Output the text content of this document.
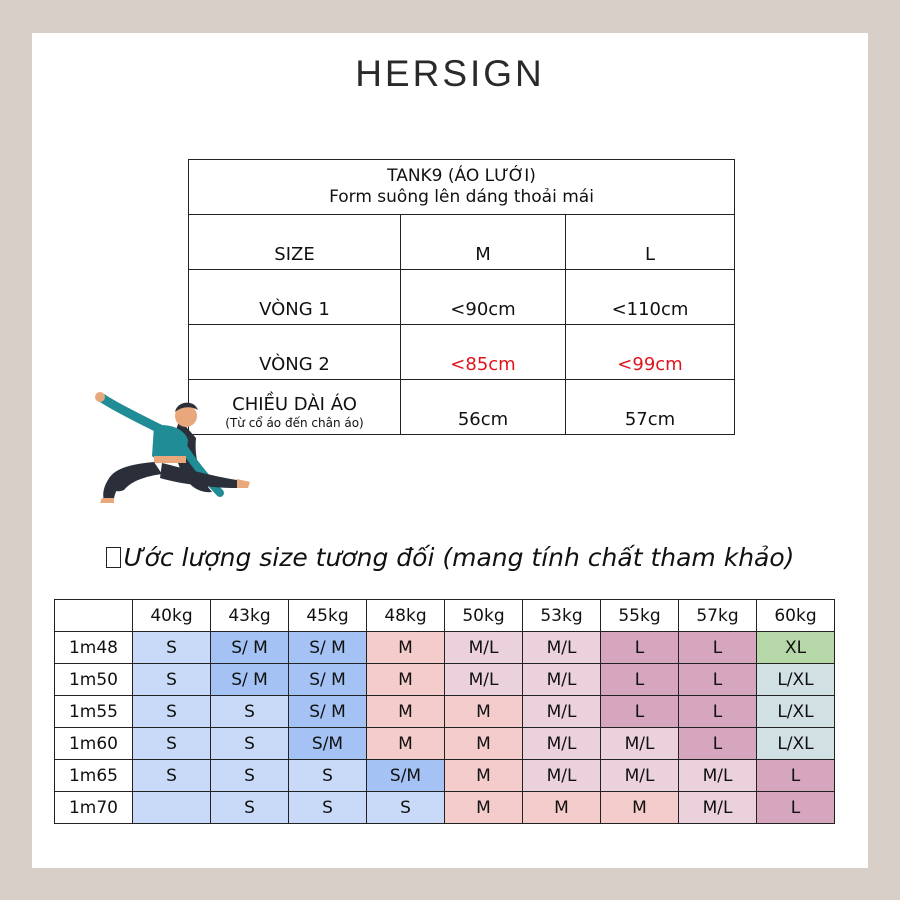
HERSIGN
TANK9 (ÁO LƯỚI)
Form suông lên dáng thoải mái		

SIZE	M	L
VÒNG 1	<90cm	<110cm
VÒNG 2	<85cm	<99cm

CHIỀU DÀI ÁO
(Từ cổ áo đến chân áo)	56cm	57cm
Ước lượng size tương đối (mang tính chất tham khảo)
	40kg	43kg	45kg	48kg	50kg	53kg	55kg	57kg	60kg
1m48	S	S/ M	S/ M	M	M/L	M/L	L	L	XL
1m50	S	S/ M	S/ M	M	M/L	M/L	L	L	L/XL
1m55	S	S	S/ M	M	M	M/L	L	L	L/XL
1m60	S	S	S/M	M	M	M/L	M/L	L	L/XL
1m65	S	S	S	S/M	M	M/L	M/L	M/L	L
1m70		S	S	S	M	M	M	M/L	L
